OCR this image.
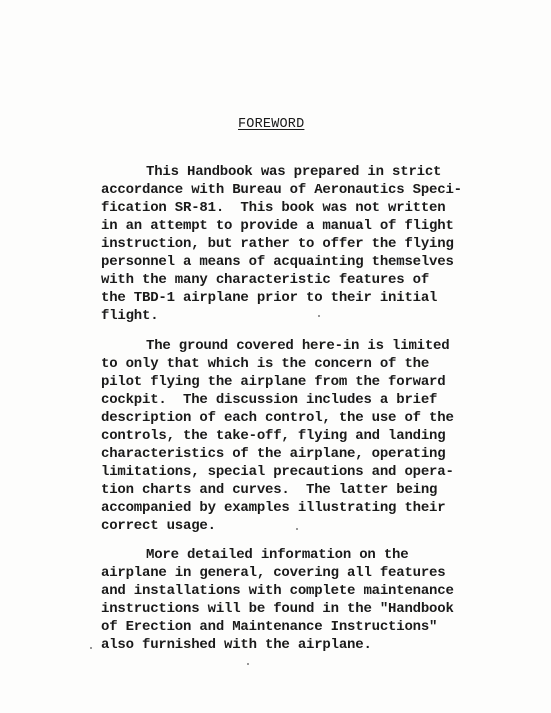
FOREWORD
This Handbook was prepared in strict
accordance with Bureau of Aeronautics Speci-
fication SR-81.  This book was not written
in an attempt to provide a manual of flight
instruction, but rather to offer the flying
personnel a means of acquainting themselves
with the many characteristic features of
the TBD-1 airplane prior to their initial
flight.
The ground covered here-in is limited
to only that which is the concern of the
pilot flying the airplane from the forward
cockpit.  The discussion includes a brief
description of each control, the use of the
controls, the take-off, flying and landing
characteristics of the airplane, operating
limitations, special precautions and opera-
tion charts and curves.  The latter being
accompanied by examples illustrating their
correct usage.
More detailed information on the
airplane in general, covering all features
and installations with complete maintenance
instructions will be found in the "Handbook
of Erection and Maintenance Instructions"
also furnished with the airplane.
